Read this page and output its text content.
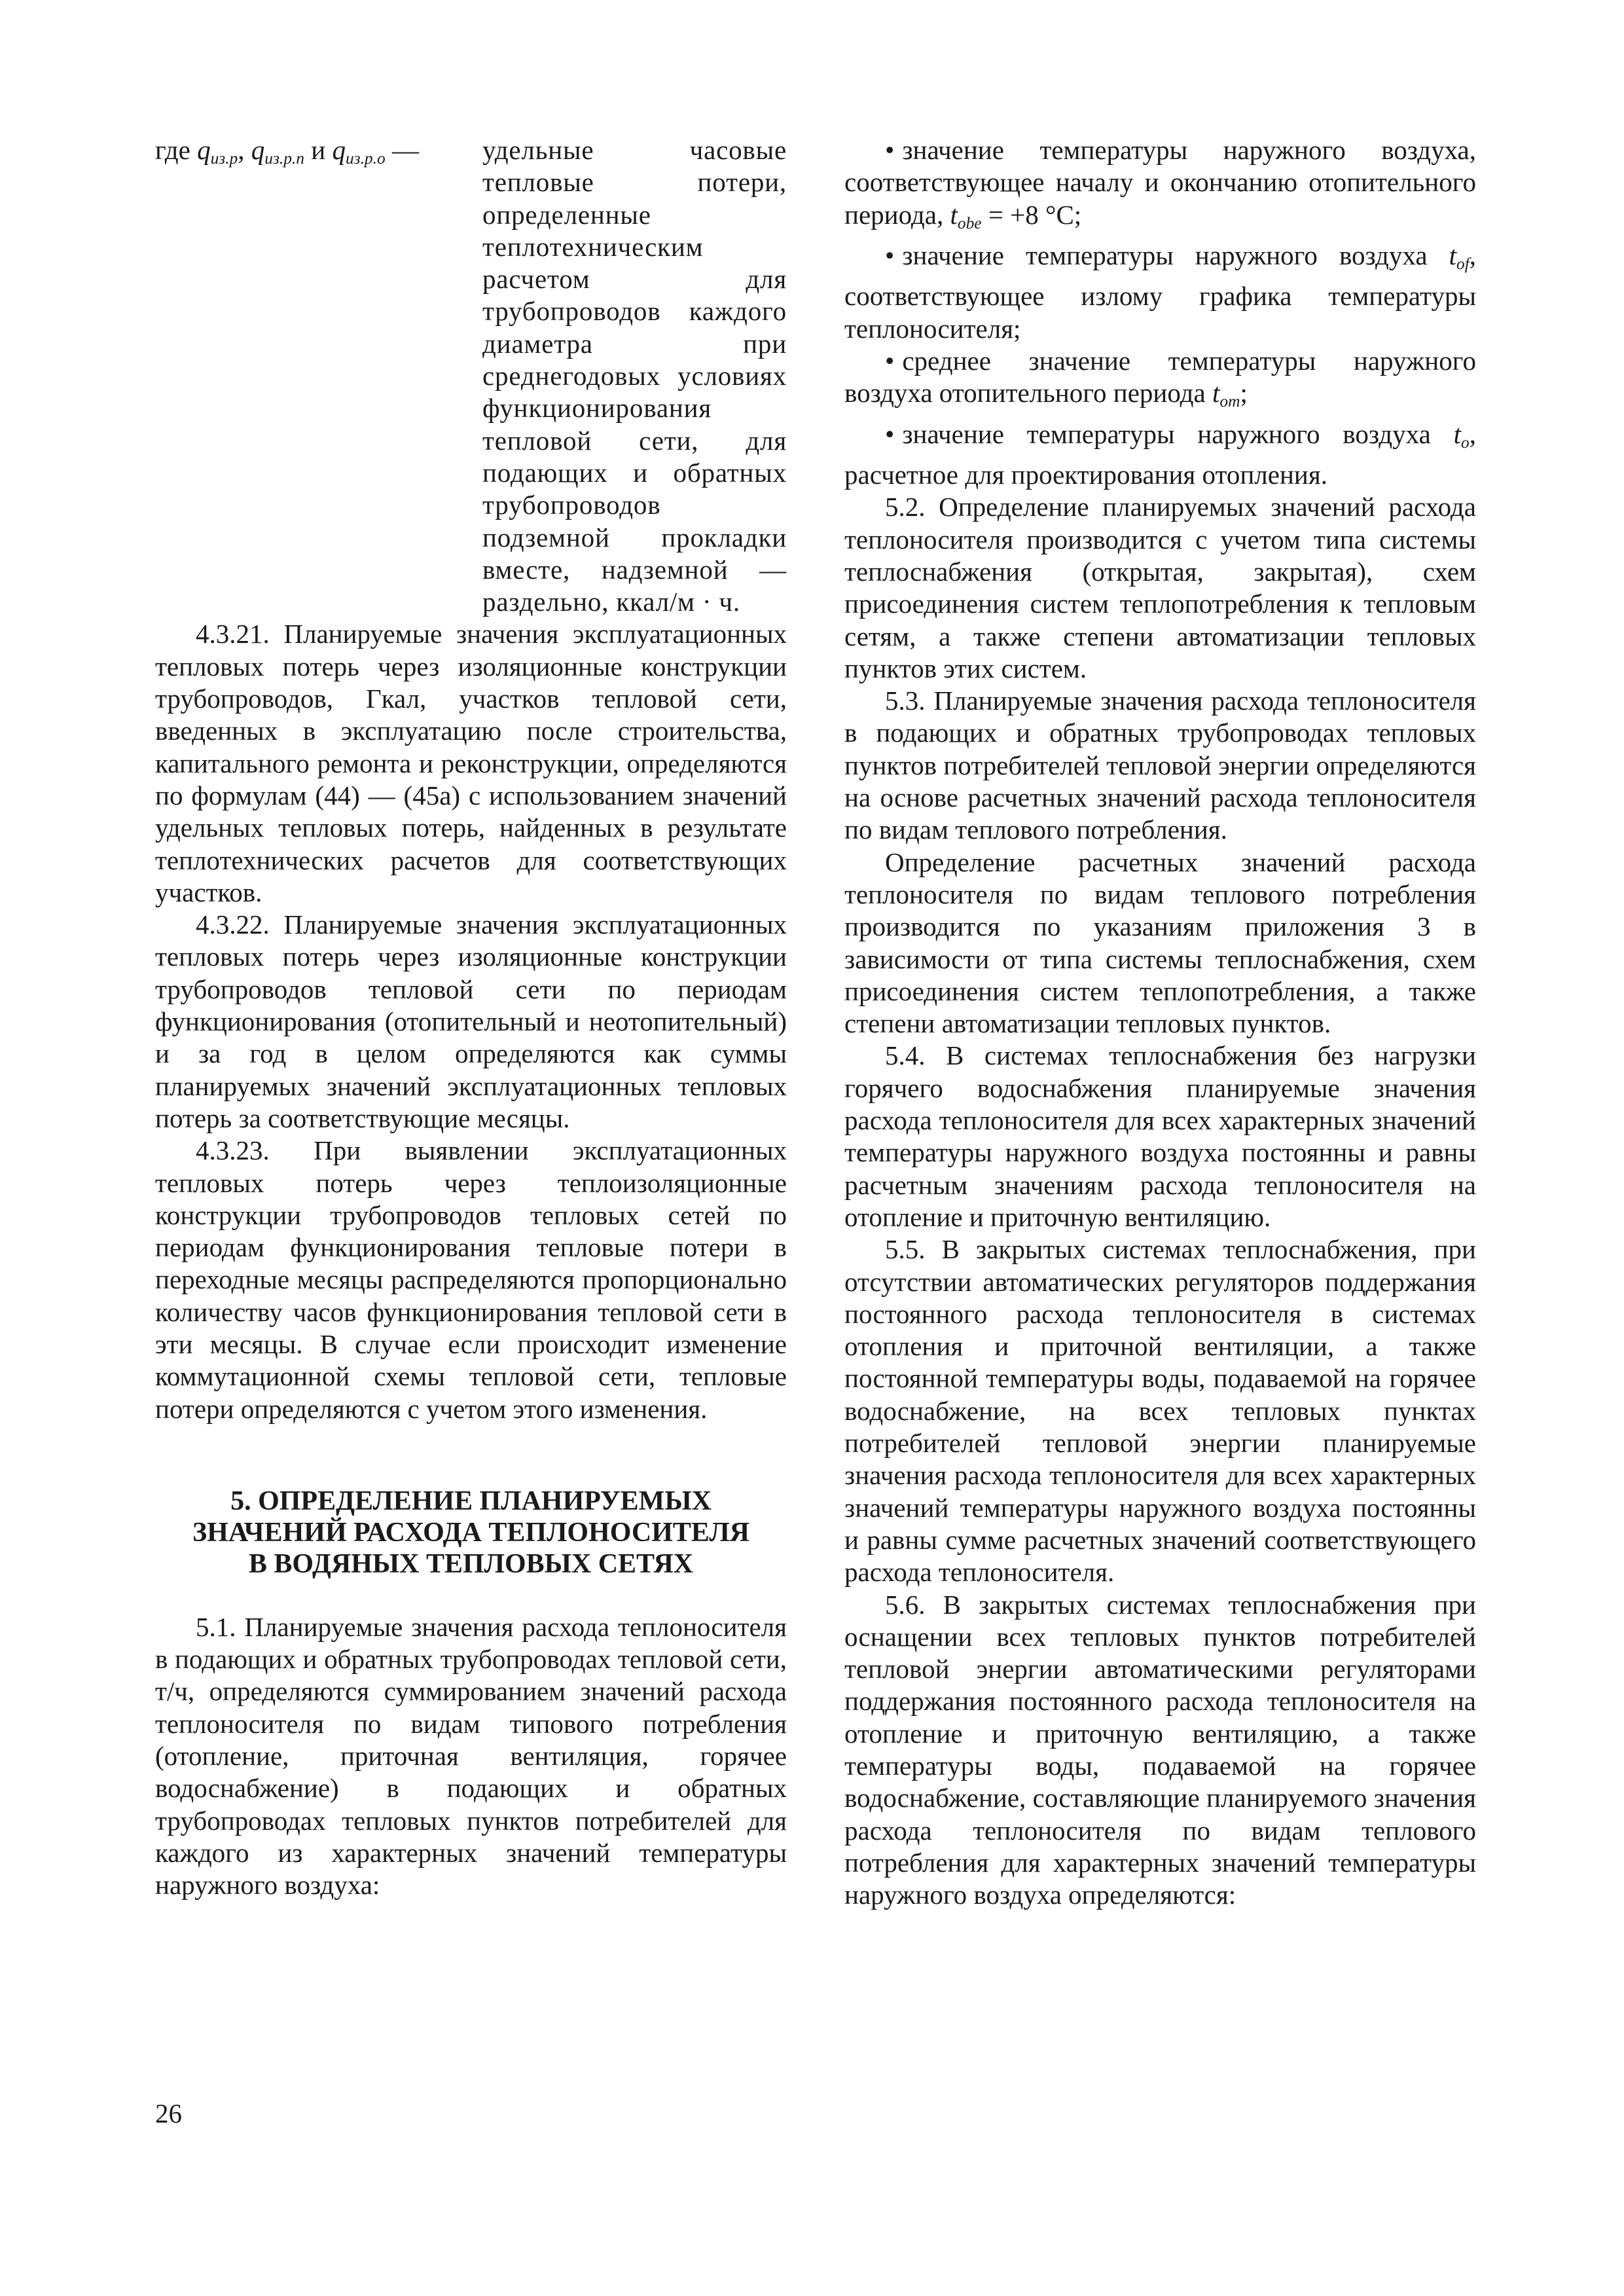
где $q_{из.р}$, $q_{из.р.п}$ и $q_{из.р.о}$ —	удельные часовые тепловые потери, определенные теплотехническим расчетом для трубопроводов каждого диаметра при среднегодовых условиях функционирования тепловой сети, для подающих и обратных трубопроводов подземной прокладки вместе, надземной — раздельно, ккал/м · ч.

4.3.21. Планируемые значения эксплуатационных тепловых потерь через изоляционные конструкции трубопроводов, Гкал, участков тепловой сети, введенных в эксплуатацию после строительства, капитального ремонта и реконструкции, определяются по формулам (44) — (45а) с использованием значений удельных тепловых потерь, найденных в результате теплотехнических расчетов для соответствующих участков.

4.3.22. Планируемые значения эксплуатационных тепловых потерь через изоляционные конструкции трубопроводов тепловой сети по периодам функционирования (отопительный и неотопительный) и за год в целом определяются как суммы планируемых значений эксплуатационных тепловых потерь за соответствующие месяцы.

4.3.23. При выявлении эксплуатационных тепловых потерь через теплоизоляционные конструкции трубопроводов тепловых сетей по периодам функционирования тепловые потери в переходные месяцы распределяются пропорционально количеству часов функционирования тепловой сети в эти месяцы. В случае если происходит изменение коммутационной схемы тепловой сети, тепловые потери определяются с учетом этого изменения.

5. ОПРЕДЕЛЕНИЕ ПЛАНИРУЕМЫХ
ЗНАЧЕНИЙ РАСХОДА ТЕПЛОНОСИТЕЛЯ
В ВОДЯНЫХ ТЕПЛОВЫХ СЕТЯХ

5.1. Планируемые значения расхода теплоносителя в подающих и обратных трубопроводах тепловой сети, т/ч, определяются суммированием значений расхода теплоносителя по видам типового потребления (отопление, приточная вентиляция, горячее водоснабжение) в подающих и обратных трубопроводах тепловых пунктов потребителей для каждого из характерных значений температуры наружного воздуха:

• значение температуры наружного воздуха, соответствующее началу и окончанию отопительного периода, $t_{obe} = +8$ °С;

• значение температуры наружного воздуха $t_{of}$, соответствующее излому графика температуры теплоносителя;

• среднее значение температуры наружного воздуха отопительного периода $t_{от}$;

• значение температуры наружного воздуха $t_о$, расчетное для проектирования отопления.

5.2. Определение планируемых значений расхода теплоносителя производится с учетом типа системы теплоснабжения (открытая, закрытая), схем присоединения систем теплопотребления к тепловым сетям, а также степени автоматизации тепловых пунктов этих систем.

5.3. Планируемые значения расхода теплоносителя в подающих и обратных трубопроводах тепловых пунктов потребителей тепловой энергии определяются на основе расчетных значений расхода теплоносителя по видам теплового потребления.

Определение расчетных значений расхода теплоносителя по видам теплового потребления производится по указаниям приложения 3 в зависимости от типа системы теплоснабжения, схем присоединения систем теплопотребления, а также степени автоматизации тепловых пунктов.

5.4. В системах теплоснабжения без нагрузки горячего водоснабжения планируемые значения расхода теплоносителя для всех характерных значений температуры наружного воздуха постоянны и равны расчетным значениям расхода теплоносителя на отопление и приточную вентиляцию.

5.5. В закрытых системах теплоснабжения, при отсутствии автоматических регуляторов поддержания постоянного расхода теплоносителя в системах отопления и приточной вентиляции, а также постоянной температуры воды, подаваемой на горячее водоснабжение, на всех тепловых пунктах потребителей тепловой энергии планируемые значения расхода теплоносителя для всех характерных значений температуры наружного воздуха постоянны и равны сумме расчетных значений соответствующего расхода теплоносителя.

5.6. В закрытых системах теплоснабжения при оснащении всех тепловых пунктов потребителей тепловой энергии автоматическими регуляторами поддержания постоянного расхода теплоносителя на отопление и приточную вентиляцию, а также температуры воды, подаваемой на горячее водоснабжение, составляющие планируемого значения расхода теплоносителя по видам теплового потребления для характерных значений температуры наружного воздуха определяются:

26
